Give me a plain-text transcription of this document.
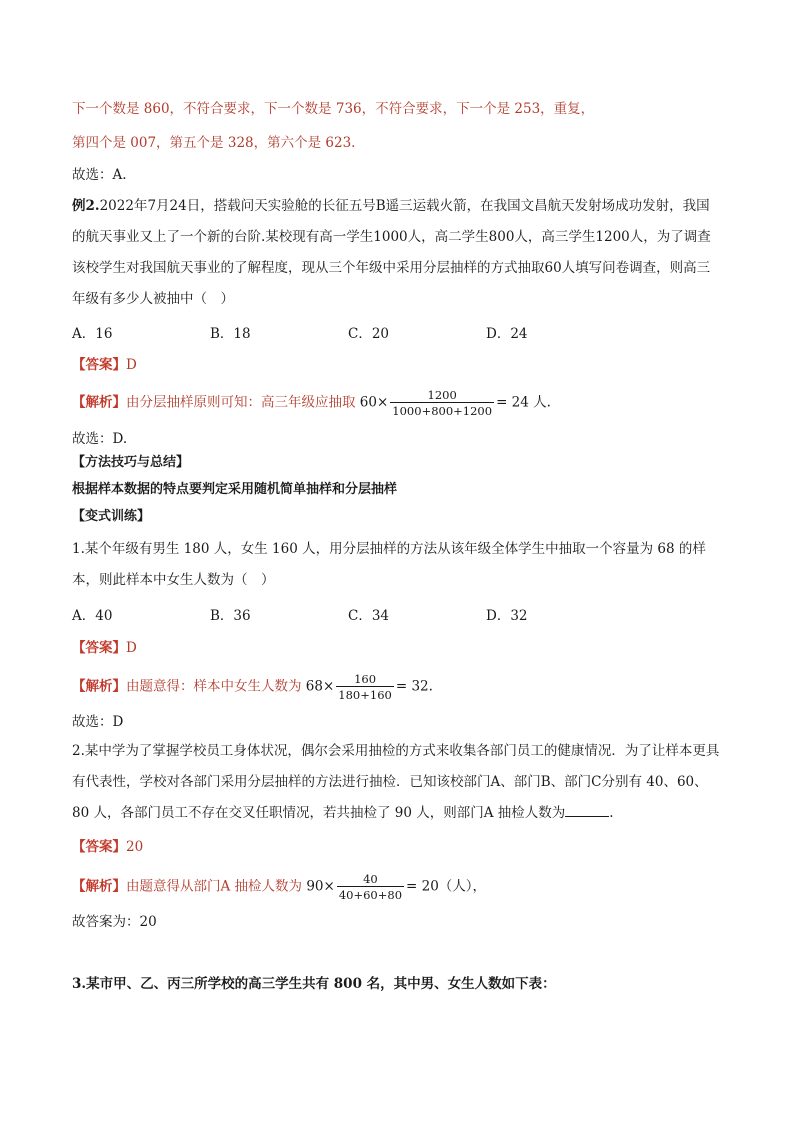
下一个数是 860，不符合要求，下一个数是 736，不符合要求，下一个是 253，重复，
第四个是 007，第五个是 328，第六个是 623.
故选：A.
例2.2022年7月24日，搭载问天实验舱的长征五号B遥三运载火箭，在我国文昌航天发射场成功发射，我国的航天事业又上了一个新的台阶.某校现有高一学生1000人，高二学生800人，高三学生1200人，为了调查该校学生对我国航天事业的了解程度，现从三个年级中采用分层抽样的方式抽取60人填写问卷调查，则高三年级有多少人被抽中（　）
A．16	B．18	C．20	D．24
【答案】D
【解析】由分层抽样原则可知：高三年级应抽取 $60\times \frac{1200}{1000+800+1200} = 24$ 人.
故选：D.
【方法技巧与总结】
根据样本数据的特点要判定采用随机简单抽样和分层抽样
【变式训练】
1.某个年级有男生 180 人，女生 160 人，用分层抽样的方法从该年级全体学生中抽取一个容量为 68 的样本，则此样本中女生人数为（　）
A．40	B．36	C．34	D．32
【答案】D
【解析】由题意得：样本中女生人数为 $68\times \frac{160}{180+160} = 32$.
故选：D
2.某中学为了掌握学校员工身体状况，偶尔会采用抽检的方式来收集各部门员工的健康情况．为了让样本更具有代表性，学校对各部门采用分层抽样的方法进行抽检．已知该校部门A、部门B、部门C分别有 40、60、80 人，各部门员工不存在交叉任职情况，若共抽检了 90 人，则部门A 抽检人数为	.
【答案】20
【解析】由题意得从部门A 抽检人数为 $90\times \frac{40}{40+60+80} = 20$（人），
故答案为：20
3.某市甲、乙、丙三所学校的高三学生共有 800 名，其中男、女生人数如下表：
